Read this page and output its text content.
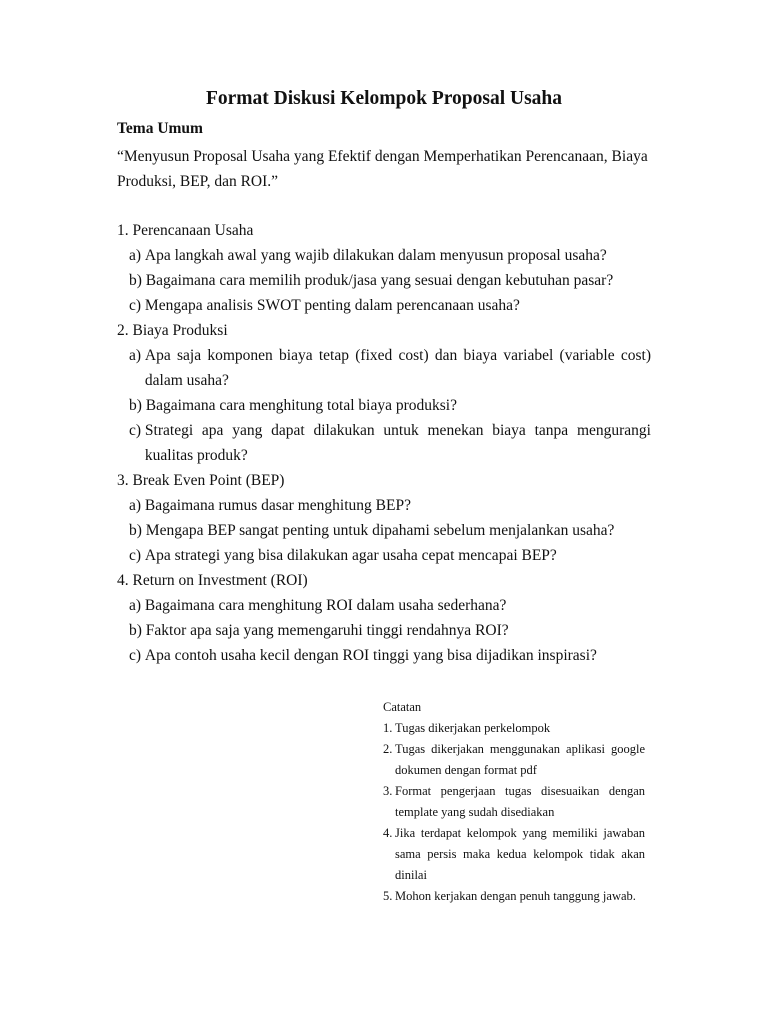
Format Diskusi Kelompok Proposal Usaha

Tema Umum

“Menyusun Proposal Usaha yang Efektif dengan Memperhatikan Perencanaan, Biaya Produksi, BEP, dan ROI.”

1. Perencanaan Usaha

a)
Apa langkah awal yang wajib dilakukan dalam menyusun proposal usaha?
b)
Bagaimana cara memilih produk/jasa yang sesuai dengan kebutuhan pasar?
c)
Mengapa analisis SWOT penting dalam perencanaan usaha?

2. Biaya Produksi

a)
Apa saja komponen biaya tetap (fixed cost) dan biaya variabel (variable cost) dalam usaha?
b)
Bagaimana cara menghitung total biaya produksi?
c)
Strategi apa yang dapat dilakukan untuk menekan biaya tanpa mengurangi kualitas produk?

3. Break Even Point (BEP)

a)
Bagaimana rumus dasar menghitung BEP?
b)
Mengapa BEP sangat penting untuk dipahami sebelum menjalankan usaha?
c)
Apa strategi yang bisa dilakukan agar usaha cepat mencapai BEP?

4. Return on Investment (ROI)

a)
Bagaimana cara menghitung ROI dalam usaha sederhana?
b)
Faktor apa saja yang memengaruhi tinggi rendahnya ROI?
c)
Apa contoh usaha kecil dengan ROI tinggi yang bisa dijadikan inspirasi?

Catatan

1. Tugas dikerjakan perkelompok
2. Tugas dikerjakan menggunakan aplikasi google dokumen dengan format pdf
3. Format pengerjaan tugas disesuaikan dengan template yang sudah disediakan
4. Jika terdapat kelompok yang memiliki jawaban sama persis maka kedua kelompok tidak akan dinilai
5. Mohon kerjakan dengan penuh tanggung jawab.
